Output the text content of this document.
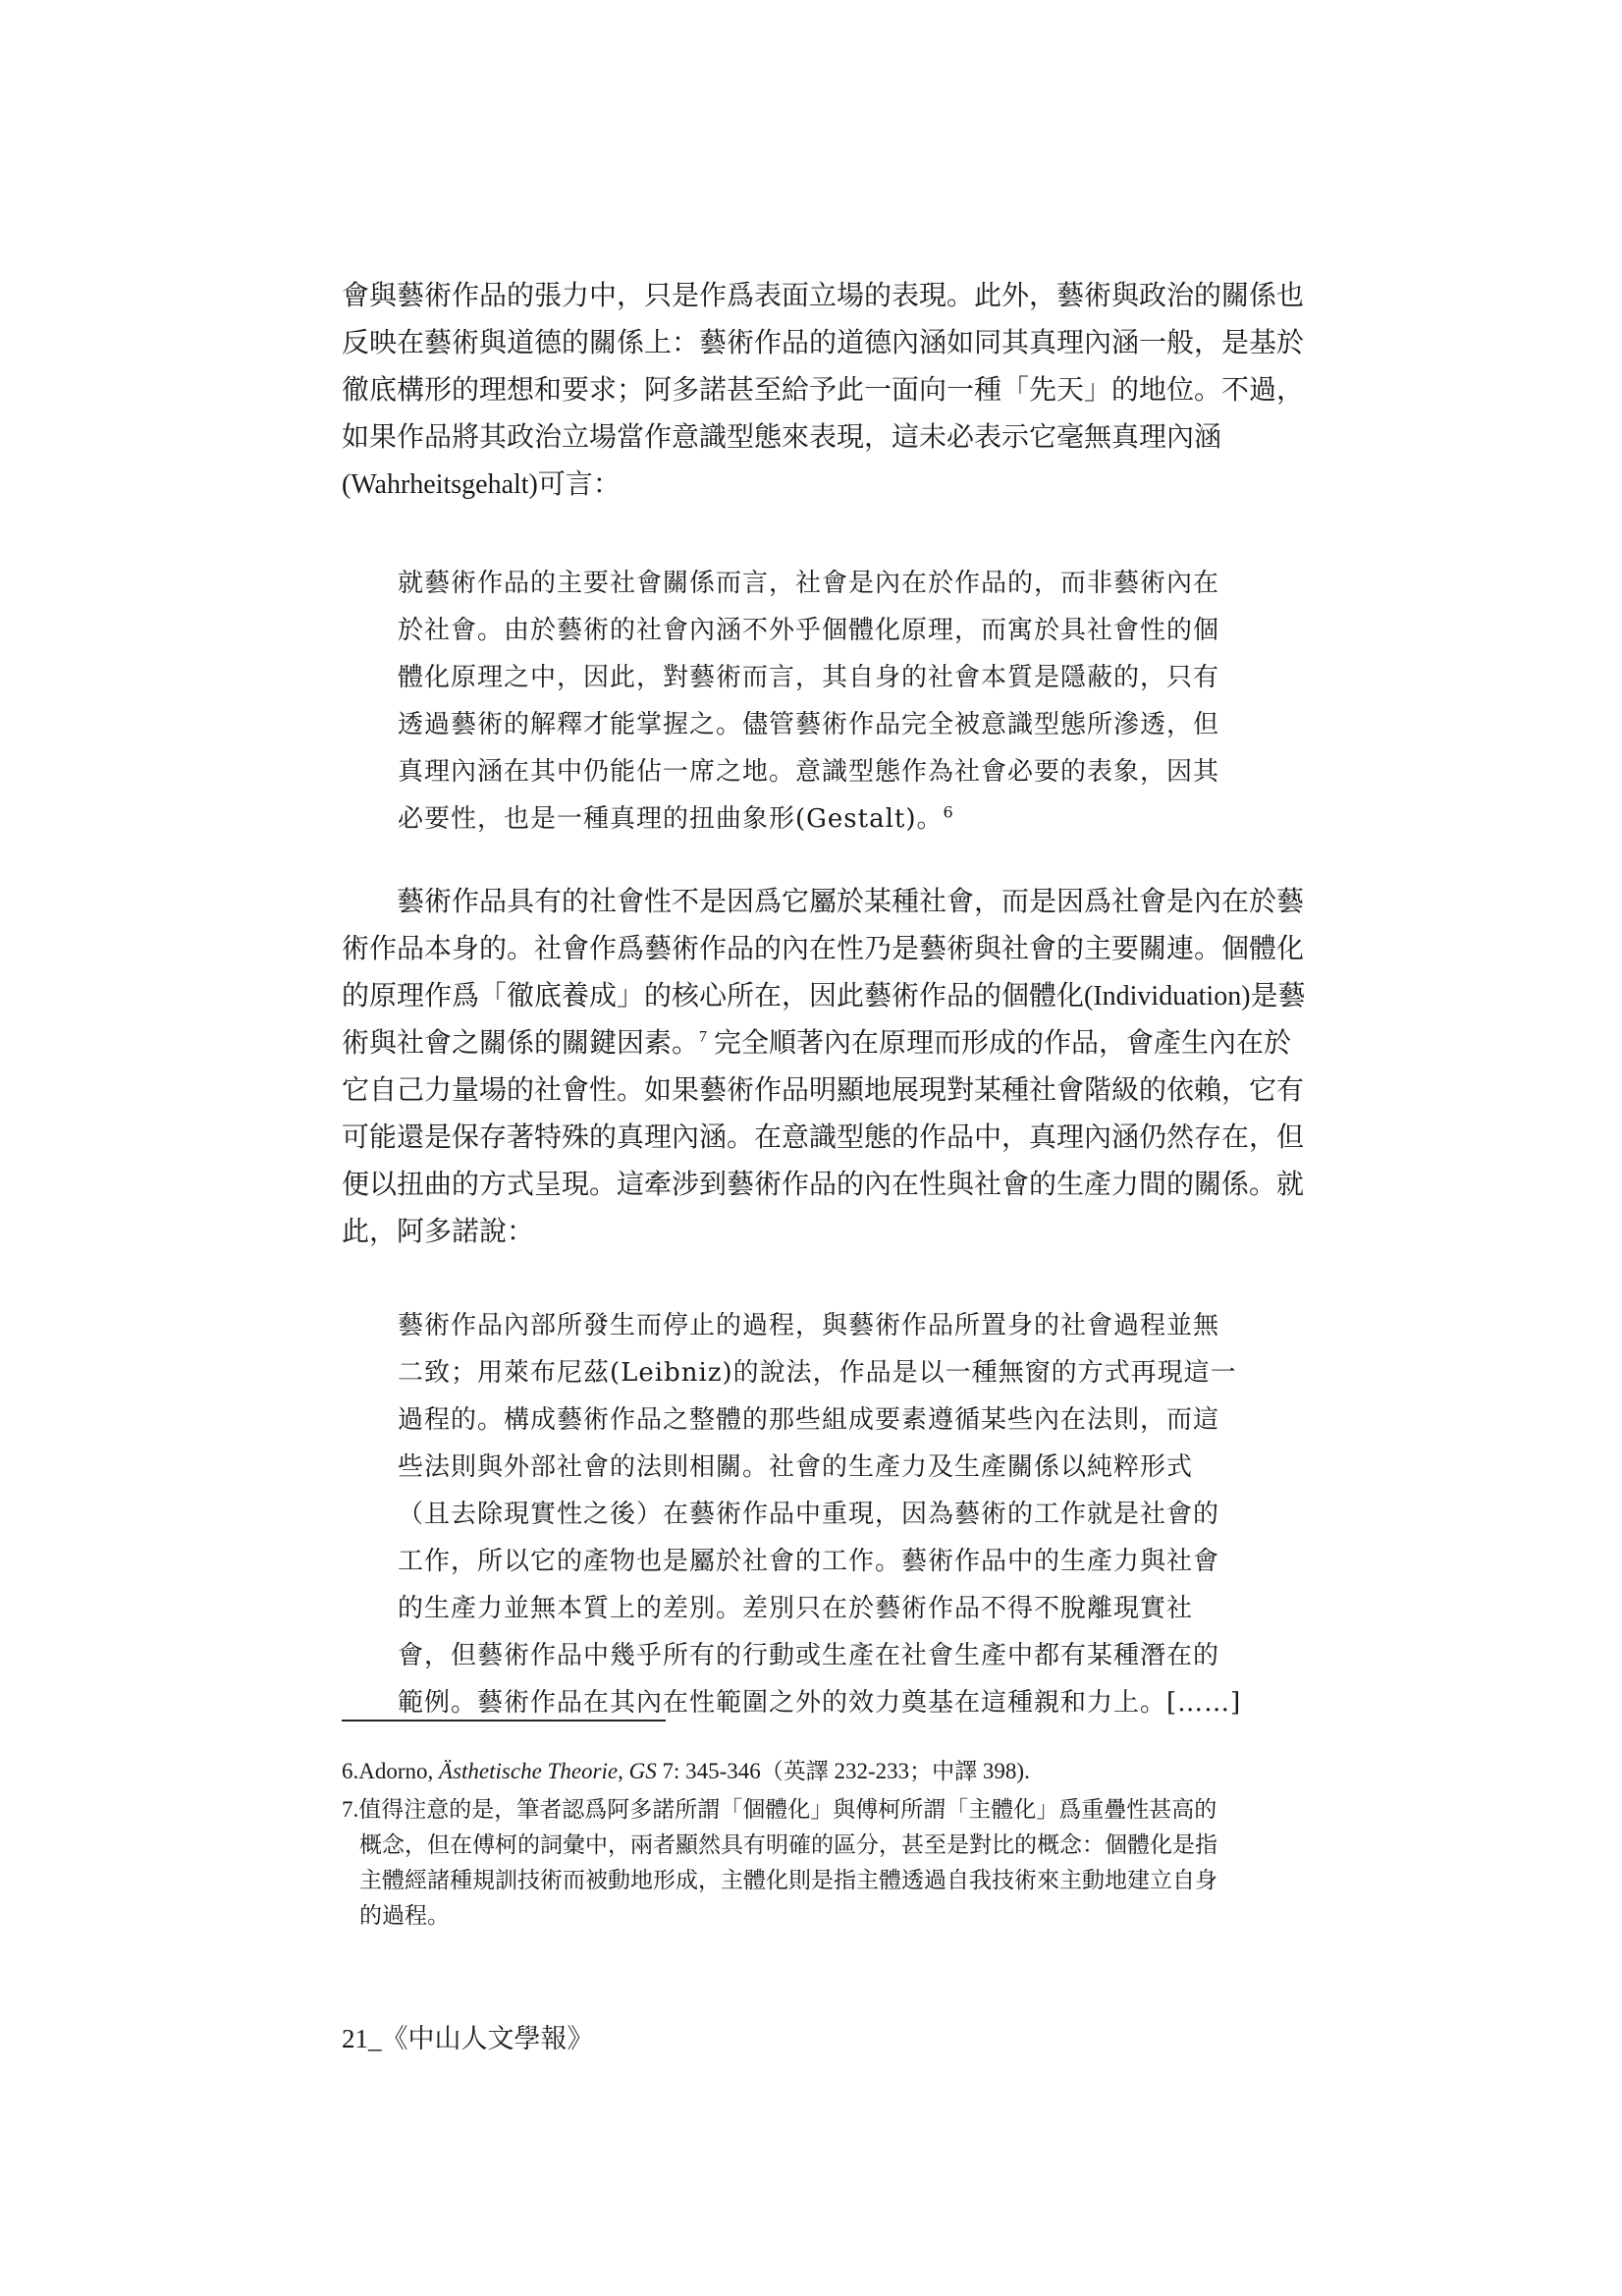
會與藝術作品的張力中，只是作爲表面立場的表現。此外，藝術與政治的關係也
反映在藝術與道德的關係上：藝術作品的道德內涵如同其真理內涵一般，是基於
徹底構形的理想和要求；阿多諾甚至給予此一面向一種「先天」的地位。不過，
如果作品將其政治立場當作意識型態來表現，這未必表示它毫無真理內涵
(Wahrheitsgehalt)可言：
就藝術作品的主要社會關係而言，社會是內在於作品的，而非藝術內在
於社會。由於藝術的社會內涵不外乎個體化原理，而寓於具社會性的個
體化原理之中，因此，對藝術而言，其自身的社會本質是隱蔽的，只有
透過藝術的解釋才能掌握之。儘管藝術作品完全被意識型態所滲透，但
真理內涵在其中仍能佔一席之地。意識型態作為社會必要的表象，因其
必要性，也是一種真理的扭曲象形(Gestalt)。$^6$
藝術作品具有的社會性不是因爲它屬於某種社會，而是因爲社會是內在於藝
術作品本身的。社會作爲藝術作品的內在性乃是藝術與社會的主要關連。個體化
的原理作爲「徹底養成」的核心所在，因此藝術作品的個體化(Individuation)是藝
術與社會之關係的關鍵因素。$^7$ 完全順著內在原理而形成的作品，會產生內在於
它自己力量場的社會性。如果藝術作品明顯地展現對某種社會階級的依賴，它有
可能還是保存著特殊的真理內涵。在意識型態的作品中，真理內涵仍然存在，但
便以扭曲的方式呈現。這牽涉到藝術作品的內在性與社會的生產力間的關係。就
此，阿多諾說：
藝術作品內部所發生而停止的過程，與藝術作品所置身的社會過程並無
二致；用萊布尼茲(Leibniz)的說法，作品是以一種無窗的方式再現這一
過程的。構成藝術作品之整體的那些組成要素遵循某些內在法則，而這
些法則與外部社會的法則相關。社會的生產力及生產關係以純粹形式
（且去除現實性之後）在藝術作品中重現，因為藝術的工作就是社會的
工作，所以它的產物也是屬於社會的工作。藝術作品中的生產力與社會
的生產力並無本質上的差別。差別只在於藝術作品不得不脫離現實社
會，但藝術作品中幾乎所有的行動或生產在社會生產中都有某種潛在的
範例。藝術作品在其內在性範圍之外的效力奠基在這種親和力上。[……]
6.Adorno, Ästhetische Theorie, GS 7: 345-346（英譯 232-233；中譯 398).
7.值得注意的是，筆者認爲阿多諾所謂「個體化」與傅柯所謂「主體化」爲重疊性甚高的
概念，但在傅柯的詞彙中，兩者顯然具有明確的區分，甚至是對比的概念：個體化是指
主體經諸種規訓技術而被動地形成，主體化則是指主體透過自我技術來主動地建立自身
的過程。
21_《中山人文學報》
